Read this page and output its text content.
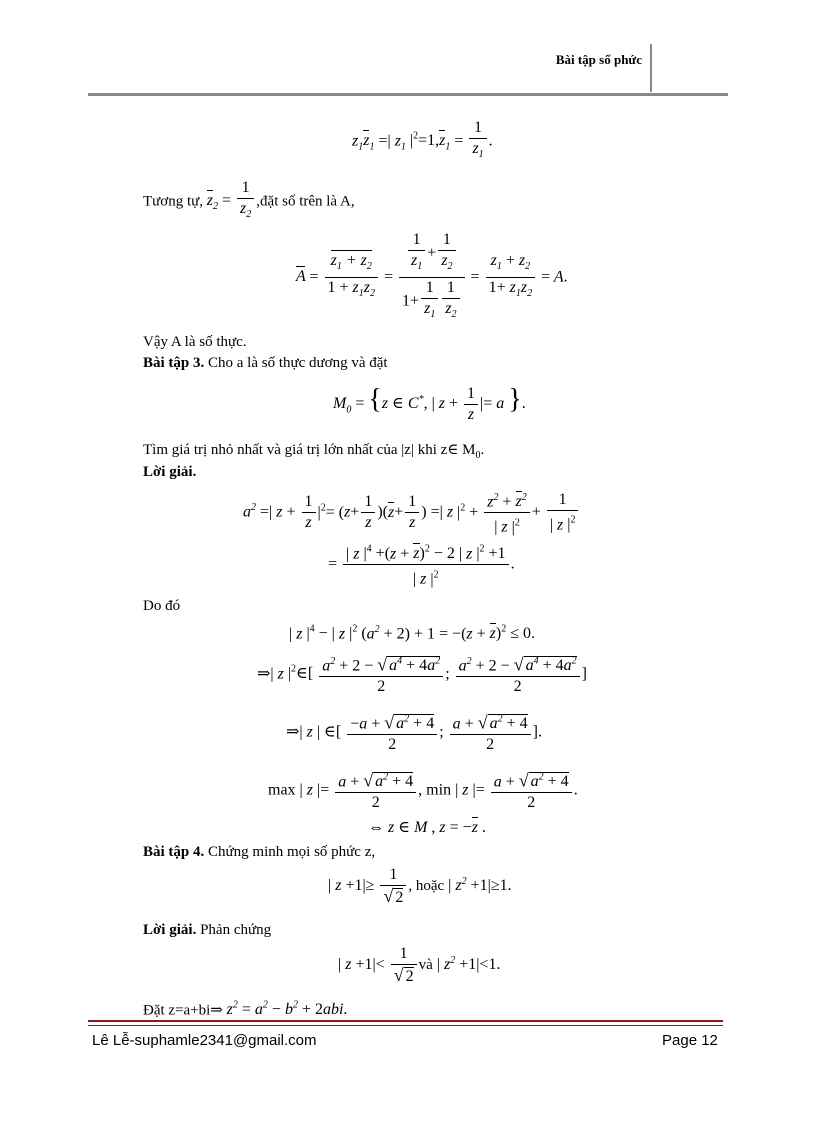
Bài tập số phức
$z_1z_1$ =| $z_1$ $|^2=1,z_1 = \frac{1}{z_1}$ .
Tương tự, $z_2 = \frac{1}{z_2}$ ,đặt số trên là A,
$A = \frac{z_1 + z_2}{1 + z_1z_2} = \frac{\frac{1}{z_1} + \frac{1}{z_2}}{1+ \frac{1}{z_1} \frac{1}{z_2}} = \frac{z_1 + z_2}{1+ z_1z_2} = A$.
Vậy A là số thực.
Bài tập 3. Cho a là số thực dương và đặt
$M_0 = \{z$ ∈ C*, | $z + \frac{1}{z}$ |= a }.
Tìm giá trị nhỏ nhất và giá trị lớn nhất của |z| khi z∈ $M_0$.
Lời giải.
$a^2$ =| $z + \frac{1}{z} |^2= (z+ \frac{1}{z} )(z+ \frac{1}{z}$ ) =| z $|^2 + \frac{z^2 + z^2}{| z |^2} + \frac{1}{| z |^2}$
= $\frac{| z |^4 +(z + z)^2 - 2 | z |^2 +1}{| z |^2}$ .
Do đó
| z $|^4$ − | z $|^2$ $(a^2 + 2) + 1 = -(z + z)^2 \le 0$.
⇒| z $|^2\in[ \frac{a^2 + 2 - √ a^4 + 4a^2}{2}$ ; $\frac{a^2 + 2 - √ a^4 + 4a^2}{2}$ ]
⇒| z | ∈[ $\frac{-a + √ a^2 + 4}{2}$ ; $\frac{a + √ a^2 + 4}{2}$ ].
max | z |= $\frac{a + √ a^2 + 4}{2}$ , min | z |= $\frac{a + √ a^2 + 4}{2}$ .
⇔ z ∈ M , z = −z .
Bài tập 4. Chứng minh mọi số phức z,
| $z +1|\ge \frac{1}{√ 2}$ , hoặc | $z^2 +1|\ge 1$.
Lời giải. Phản chứng
| $z +1|< \frac{1}{√ 2}$ và | $z^2 +1|<1$.
Đặt z=a+bi⇒ $z^2 = a^2 - b^2 + 2abi$.
Lê Lễ-suphamle2341@gmail.com	Page 12
